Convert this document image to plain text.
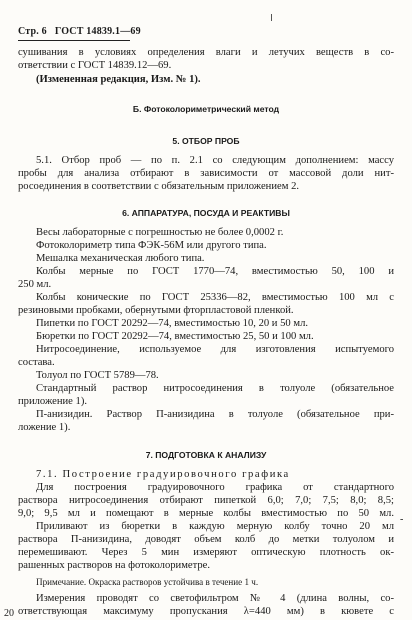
Стр. 6 ГОСТ 14839.1—69
сушивания в условиях определения влаги и летучих веществ в со-
ответствии с ГОСТ 14839.12—69.
(Измененная редакция, Изм. № 1).
Б. Фотоколориметрический метод
5. ОТБОР ПРОБ
5.1. Отбор проб — по п. 2.1 со следующим дополнением: массу
пробы для анализа отбирают в зависимости от массовой доли нит-
росоединения в соответствии с обязательным приложением 2.
6. АППАРАТУРА, ПОСУДА И РЕАКТИВЫ
Весы лабораторные с погрешностью не более 0,0002 г.
Фотоколориметр типа ФЭК-56М или другого типа.
Мешалка механическая любого типа.
Колбы мерные по ГОСТ 1770—74, вместимостью 50, 100 и
250 мл.
Колбы конические по ГОСТ 25336—82, вместимостью 100 мл с
резиновыми пробками, обернутыми фторпластовой пленкой.
Пипетки по ГОСТ 20292—74, вместимостью 10, 20 и 50 мл.
Бюретки по ГОСТ 20292—74, вместимостью 25, 50 и 100 мл.
Нитросоединение, используемое для изготовления испытуемого
состава.
Толуол по ГОСТ 5789—78.
Стандартный раствор нитросоединения в толуоле (обязательное
приложение 1).
П-анизидин. Раствор П-анизидина в толуоле (обязательное при-
ложение 1).
7. ПОДГОТОВКА К АНАЛИЗУ
7.1. Построение градуировочного графика
Для построения градуировочного графика от стандартного
раствора нитросоединения отбирают пипеткой 6,0; 7,0; 7,5; 8,0; 8,5;
9,0; 9,5 мл и помещают в мерные колбы вместимостью по 50 мл.
Приливают из бюретки в каждую мерную колбу точно 20 мл
раствора П-анизидина, доводят объем колб до метки толуолом и
перемешивают. Через 5 мин измеряют оптическую плотность ок-
рашенных растворов на фотоколориметре.
Примечание. Окраска растворов устойчива в течение 1 ч.
Измерения проводят со светофильтром № 4 (длина волны, со-
ответствующая максимуму пропускания λ=440 мм) в кювете с
-
20
